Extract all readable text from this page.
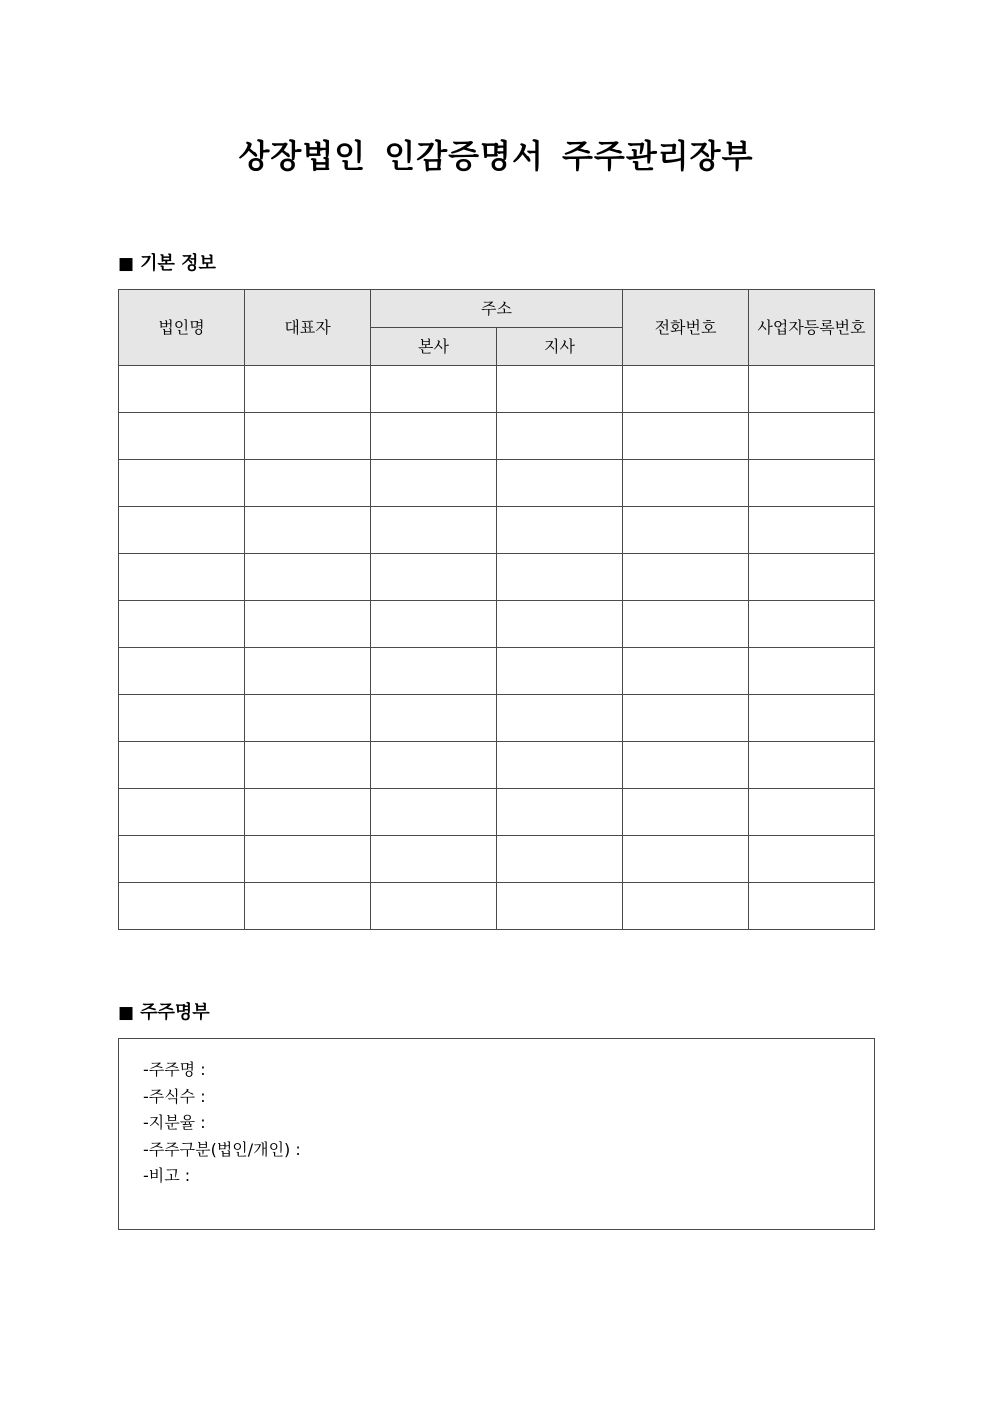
상장법인 인감증명서 주주관리장부
■ 기본 정보
법인명	대표자	주소		전화번호	사업자등록번호
		본사	지사		

■ 주주명부
-주주명 :
-주식수 :
-지분율 :
-주주구분(법인/개인) :
-비고 :
